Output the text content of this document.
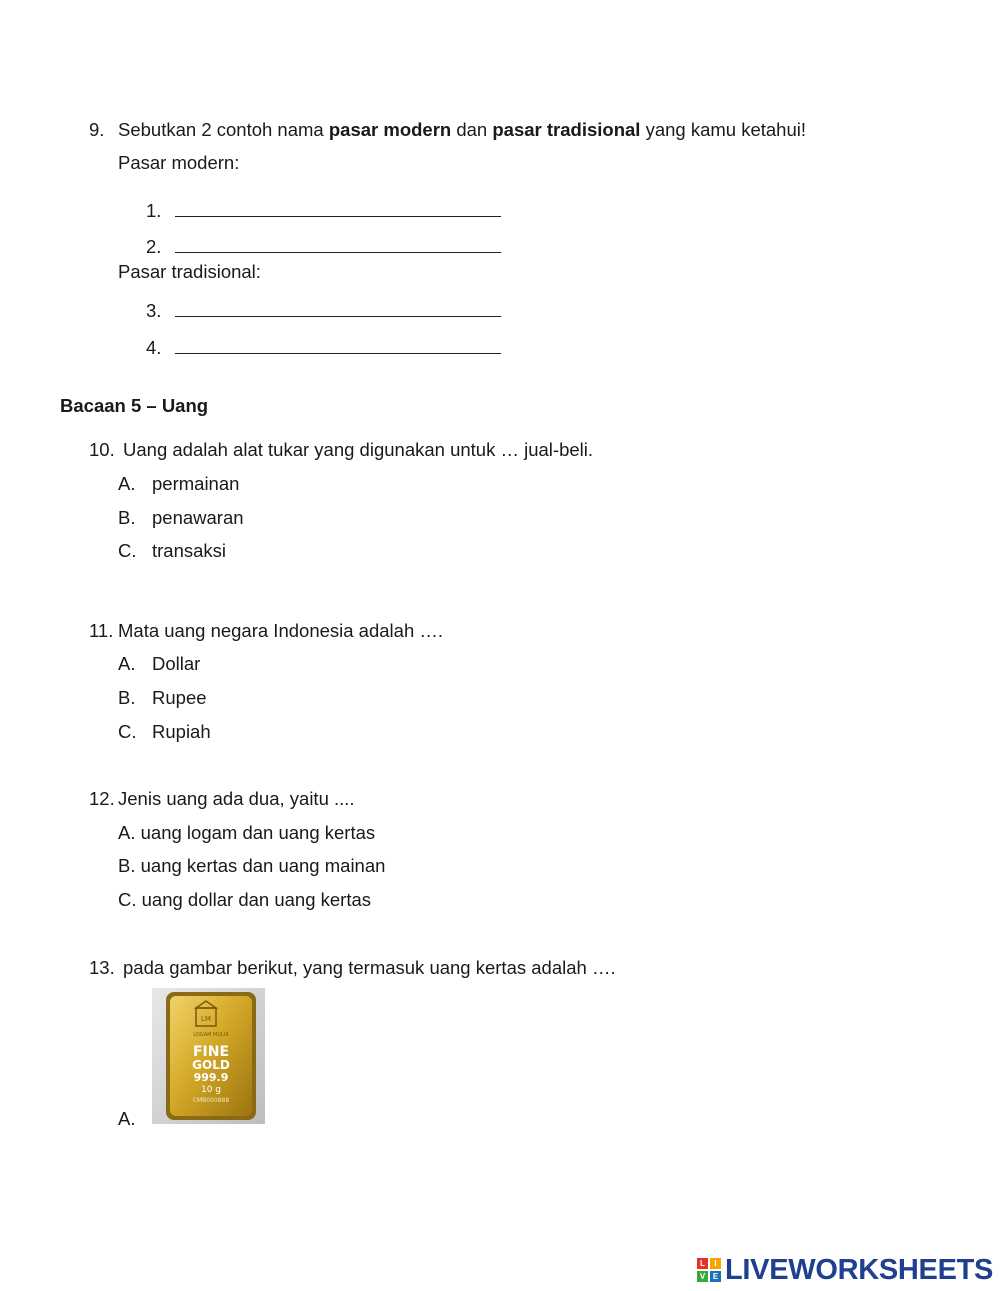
9. Sebutkan 2 contoh nama pasar modern dan pasar tradisional yang kamu ketahui!
Pasar modern:
1.
2.
Pasar tradisional:
3.
4.
Bacaan 5 – Uang
10. Uang adalah alat tukar yang digunakan untuk … jual-beli.
A. permainan
B. penawaran
C. transaksi
11. Mata uang negara Indonesia adalah ….
A. Dollar
B. Rupee
C. Rupiah
12. Jenis uang ada dua, yaitu ....
A. uang logam dan uang kertas
B. uang kertas dan uang mainan
C. uang dollar dan uang kertas
13. pada gambar berikut, yang termasuk uang kertas adalah ….
A.
LM
LOGAM MULIA
FINE
GOLD
999.9
10 g
CMB000888
L	I
V E LIVEWORKSHEETS
